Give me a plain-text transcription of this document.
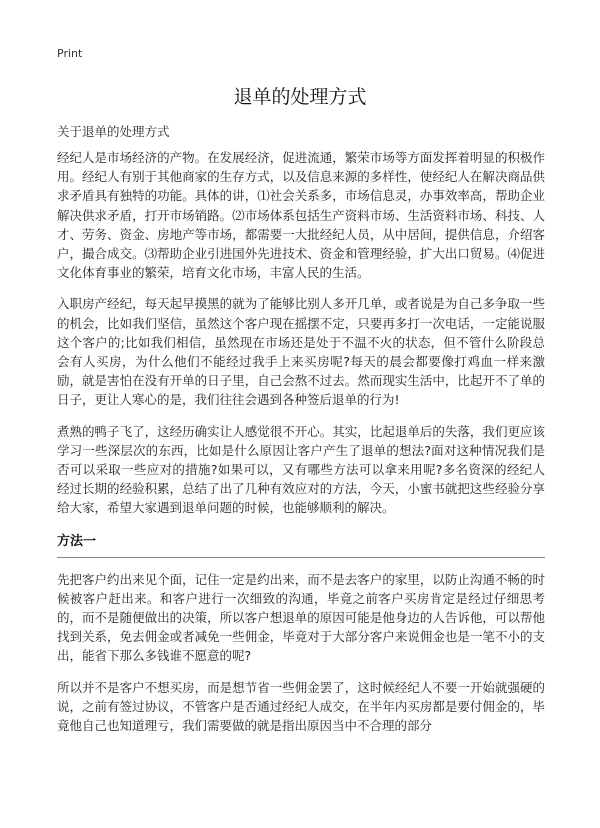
Print
退单的处理方式
关于退单的处理方式

经纪人是市场经济的产物。在发展经济，促进流通，繁荣市场等方面发挥着明显的积极作用。经纪人有别于其他商家的生存方式，以及信息来源的多样性，使经纪人在解决商品供求矛盾具有独特的功能。具体的讲，⑴社会关系多，市场信息灵，办事效率高，帮助企业解决供求矛盾，打开市场销路。⑵市场体系包括生产资料市场、生活资料市场、科技、人才、劳务、资金、房地产等市场，都需要一大批经纪人员，从中居间，提供信息，介绍客户，撮合成交。⑶帮助企业引进国外先进技术、资金和管理经验，扩大出口贸易。⑷促进文化体育事业的繁荣，培育文化市场，丰富人民的生活。

入职房产经纪，每天起早摸黑的就为了能够比别人多开几单，或者说是为自己多争取一些的机会，比如我们坚信，虽然这个客户现在摇摆不定，只要再多打一次电话，一定能说服这个客户的;比如我们相信，虽然现在市场还是处于不温不火的状态，但不管什么阶段总会有人买房，为什么他们不能经过我手上来买房呢?每天的晨会都要像打鸡血一样来激励，就是害怕在没有开单的日子里，自己会熬不过去。然而现实生活中，比起开不了单的日子，更让人寒心的是，我们往往会遇到各种签后退单的行为!

煮熟的鸭子飞了，这经历确实让人感觉很不开心。其实，比起退单后的失落，我们更应该学习一些深层次的东西，比如是什么原因让客户产生了退单的想法?面对这种情况我们是否可以采取一些应对的措施?如果可以，又有哪些方法可以拿来用呢?多名资深的经纪人经过长期的经验积累，总结了出了几种有效应对的方法，今天，小蜜书就把这些经验分享给大家，希望大家遇到退单问题的时候，也能够顺利的解决。

方法一

先把客户约出来见个面，记住一定是约出来，而不是去客户的家里，以防止沟通不畅的时候被客户赶出来。和客户进行一次细致的沟通，毕竟之前客户买房肯定是经过仔细思考的，而不是随便做出的决策，所以客户想退单的原因可能是他身边的人告诉他，可以帮他找到关系，免去佣金或者减免一些佣金，毕竟对于大部分客户来说佣金也是一笔不小的支出，能省下那么多钱谁不愿意的呢?

所以并不是客户不想买房，而是想节省一些佣金罢了，这时候经纪人不要一开始就强硬的说，之前有签过协议，不管客户是否通过经纪人成交，在半年内买房都是要付佣金的，毕竟他自己也知道理亏，我们需要做的就是指出原因当中不合理的部分
